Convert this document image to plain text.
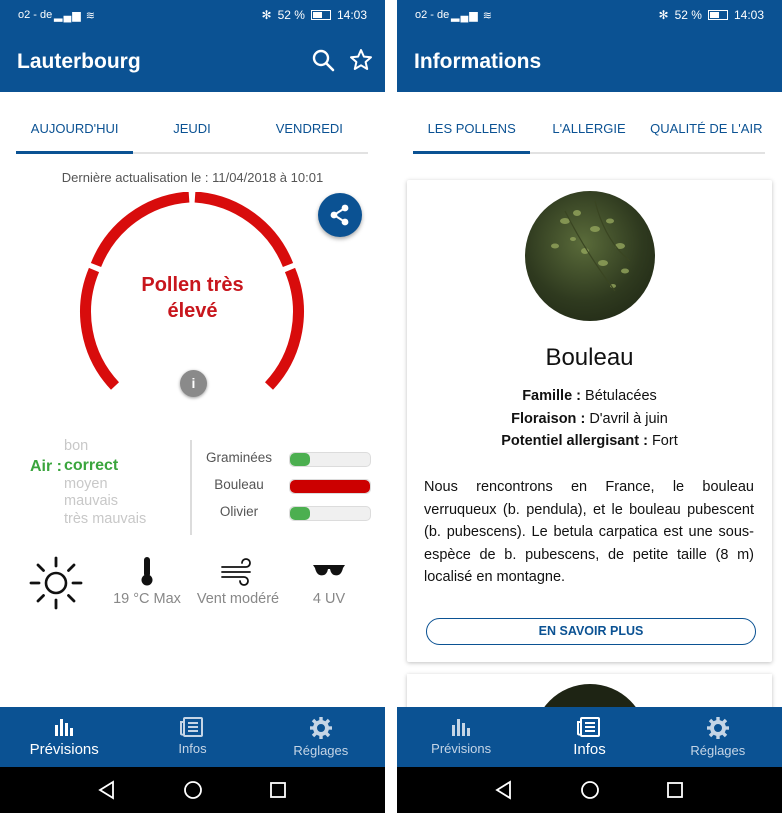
o2 - de ▂▄▆ ≋	✻ 52 %	14:03
Lauterbourg
AUJOURD'HUI	JEUDI	VENDREDI
Dernière actualisation le : 11/04/2018 à 10:01
Pollen très
élevé
i
Air :
bon
correct
moyen
mauvais
très mauvais
Graminées
Bouleau
Olivier
19 °C Max	Vent modéré	4 UV
Prévisions	Infos	Réglages
o2 - de ▂▄▆ ≋	✻ 52 %	14:03
Informations
LES POLLENS	L'ALLERGIE	QUALITÉ DE L'AIR
Bouleau
Famille : Bétulacées
Floraison : D'avril à juin
Potentiel allergisant : Fort
Nous rencontrons en France, le bouleau verruqueux (b. pendula), et le bouleau pubescent (b. pubescens). Le betula carpatica est une sous-espèce de b. pubescens, de petite taille (8 m) localisé en montagne.
EN SAVOIR PLUS
Prévisions	Infos	Réglages
